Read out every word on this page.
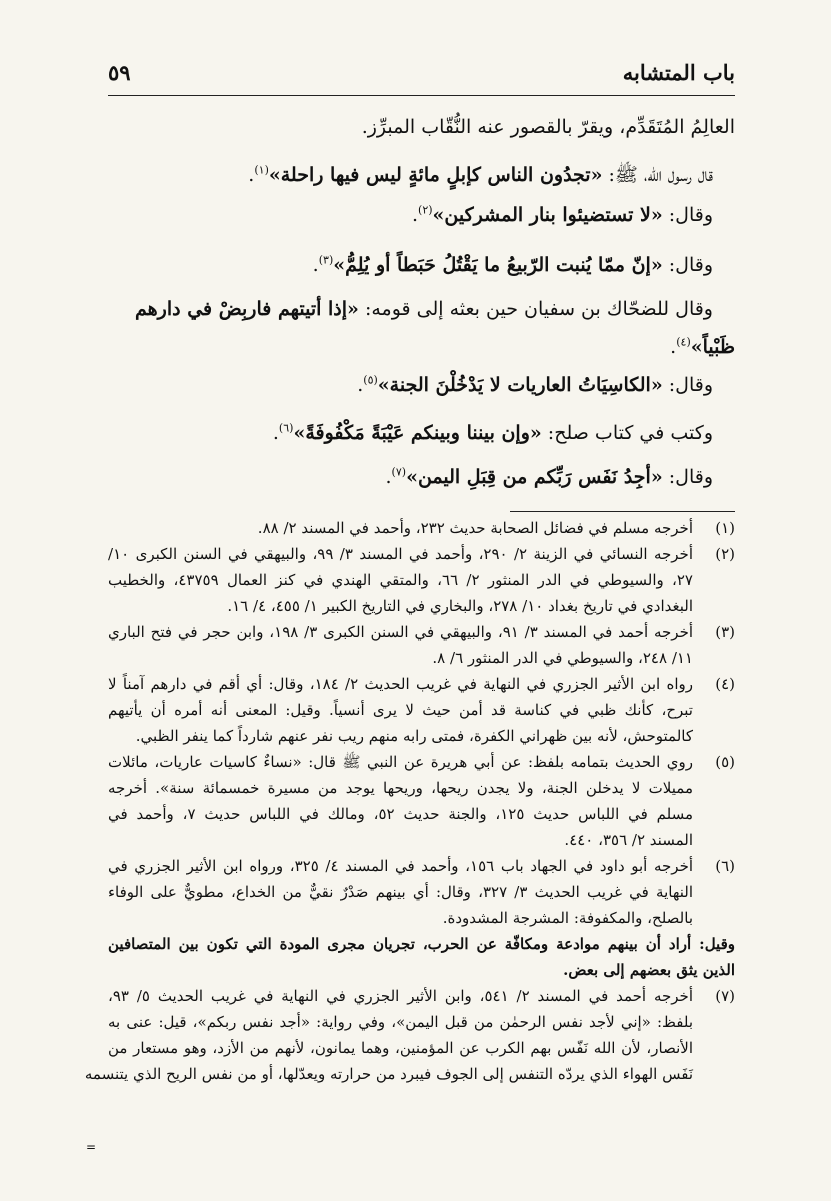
باب المتشابه
٥٩
العالِمُ المُتَقَدِّم، ويقرّ بالقصور عنه النُّقّاب المبرِّز.
قال رسول الله، ﷺ: «تجدُون الناس كإبلٍ مائةٍ ليس فيها راحلة»$^{(١)}$.
وقال: «لا تستضيئوا بنار المشركين»$^{(٢)}$.
وقال: «إنّ ممّا يُنبت الرّبيعُ ما يَقْتُلُ حَبَطاً أو يُلِمُّ»$^{(٣)}$.
وقال للضحّاك بن سفيان حين بعثه إلى قومه: «إذا أتيتهم فاربِضْ في دارهم
ظَبْياً»$^{(٤)}$.
وقال: «الكاسِيَاتُ العاريات لا يَدْخُلْنَ الجنة»$^{(٥)}$.
وكتب في كتاب صلح: «وإن بيننا وبينكم عَيْبَةً مَكْفُوفَةً»$^{(٦)}$.
وقال: «أجِدُ نَفَس رَبِّكم من قِبَلِ اليمن»$^{(٧)}$.
(١)
أخرجه مسلم في فضائل الصحابة حديث ٢٣٢، وأحمد في المسند ٢/ ٨٨.
(٢)
أخرجه النسائي في الزينة ٢/ ٢٩٠، وأحمد في المسند ٣/ ٩٩، والبيهقي في السنن الكبرى ١٠/
٢٧، والسيوطي في الدر المنثور ٢/ ٦٦، والمتقي الهندي في كنز العمال ٤٣٧٥٩، والخطيب
البغدادي في تاريخ بغداد ١٠/ ٢٧٨، والبخاري في التاريخ الكبير ١/ ٤٥٥، ٤/ ١٦.
(٣)
أخرجه أحمد في المسند ٣/ ٩١، والبيهقي في السنن الكبرى ٣/ ١٩٨، وابن حجر في فتح الباري
١١/ ٢٤٨، والسيوطي في الدر المنثور ٦/ ٨.
(٤)
رواه ابن الأثير الجزري في النهاية في غريب الحديث ٢/ ١٨٤، وقال: أي أقم في دارهم آمناً لا
تبرح، كأنك ظبي في كناسة قد أمن حيث لا يرى أنسياً. وقيل: المعنى أنه أمره أن يأتيهم
كالمتوحش، لأنه بين ظهراني الكفرة، فمتى رابه منهم ريب نفر عنهم شارداً كما ينفر الظبي.
(٥)
روي الحديث بتمامه بلفظ: عن أبي هريرة عن النبي ﷺ قال: «نساءٌ كاسيات عاريات، مائلات
مميلات لا يدخلن الجنة، ولا يجدن ريحها، وريحها يوجد من مسيرة خمسمائة سنة». أخرجه
مسلم في اللباس حديث ١٢٥، والجنة حديث ٥٢، ومالك في اللباس حديث ٧، وأحمد في
المسند ٢/ ٣٥٦، ٤٤٠.
(٦)
أخرجه أبو داود في الجهاد باب ١٥٦، وأحمد في المسند ٤/ ٣٢٥، ورواه ابن الأثير الجزري في
النهاية في غريب الحديث ٣/ ٣٢٧، وقال: أي بينهم صَدْرٌ نقيٌّ من الخداع، مطويٌّ على الوفاء
بالصلح، والمكفوفة: المشرجة المشدودة.
وقيل: أراد أن بينهم موادعة ومكافّة عن الحرب، تجريان مجرى المودة التي تكون بين المتصافين
الذين يثق بعضهم إلى بعض.
(٧)
أخرجه أحمد في المسند ٢/ ٥٤١، وابن الأثير الجزري في النهاية في غريب الحديث ٥/ ٩٣،
بلفظ: «إني لأجد نفس الرحمٰن من قبل اليمن»، وفي رواية: «أجد نفس ربكم»، قيل: عنى به
الأنصار، لأن الله نَفّس بهم الكرب عن المؤمنين، وهما يمانون، لأنهم من الأزد، وهو مستعار من
نَفَس الهواء الذي يردّه التنفس إلى الجوف فيبرد من حرارته ويعدّلها، أو من نفس الريح الذي يتنسمه
=
